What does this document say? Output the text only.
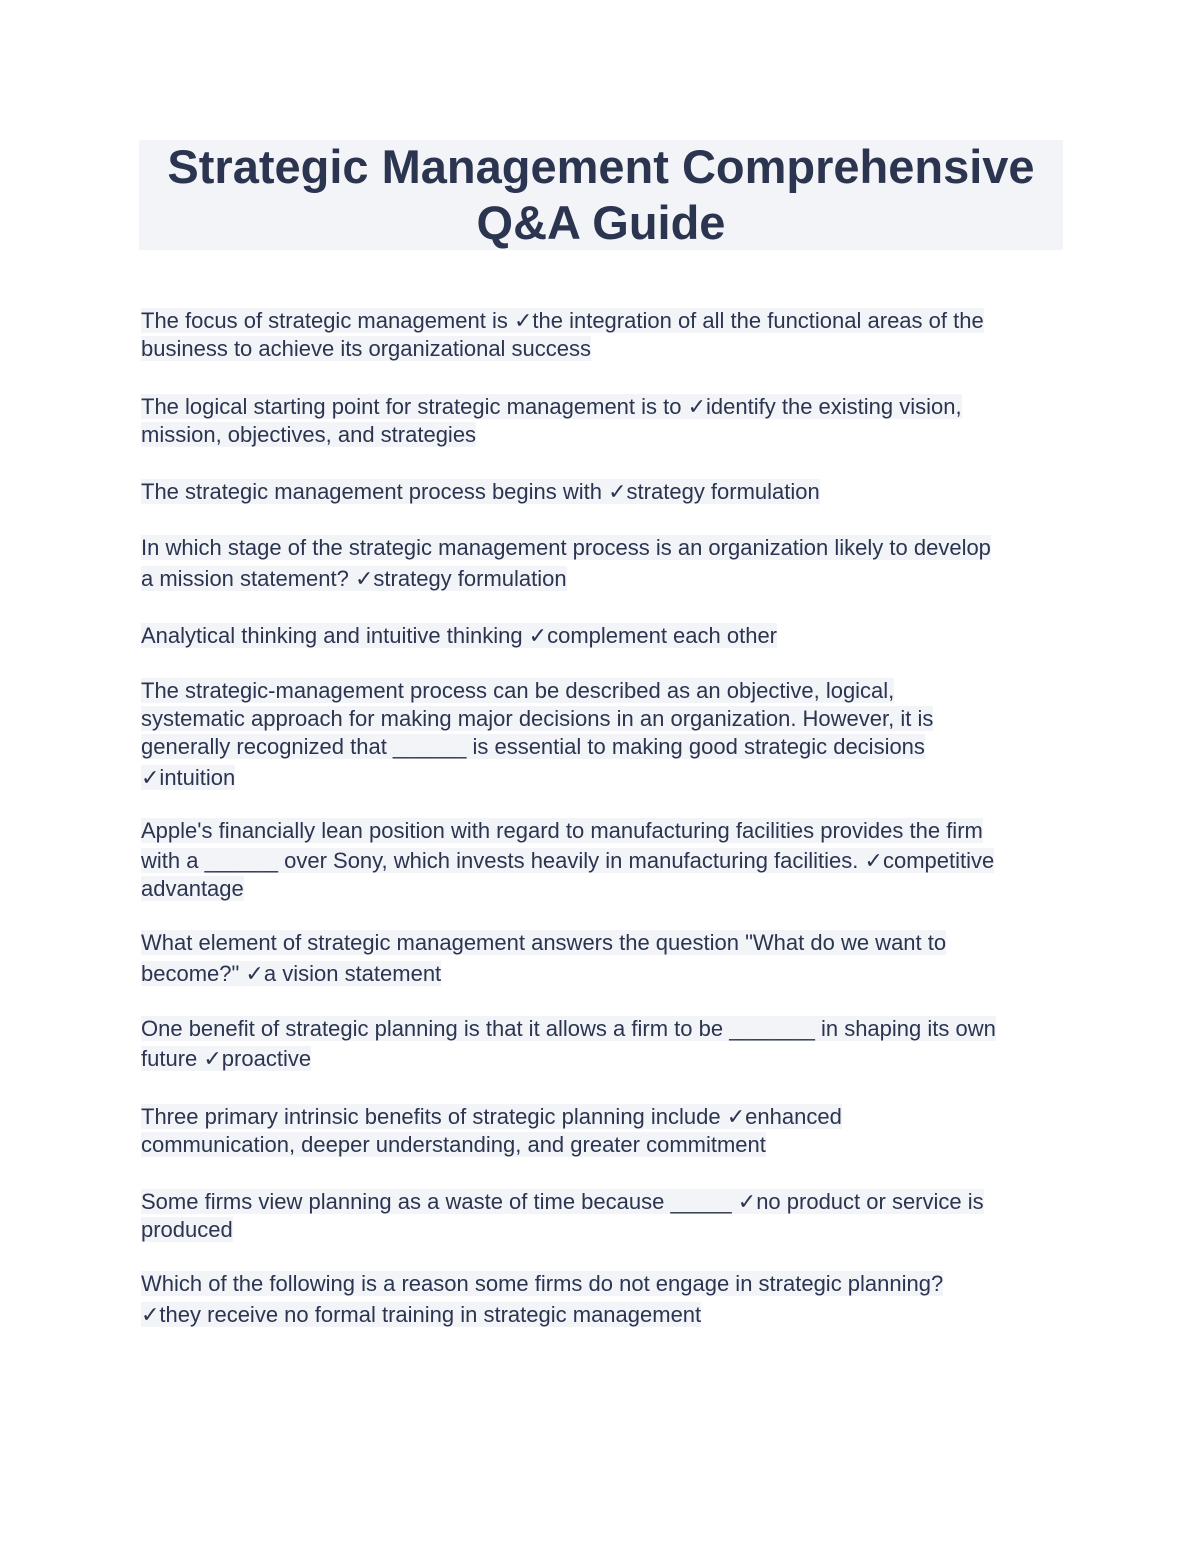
Strategic Management Comprehensive
Q&A Guide

The focus of strategic management is ✓the integration of all the functional areas of the
business to achieve its organizational success

The logical starting point for strategic management is to ✓identify the existing vision,
mission, objectives, and strategies

The strategic management process begins with ✓strategy formulation

In which stage of the strategic management process is an organization likely to develop
a mission statement? ✓strategy formulation

Analytical thinking and intuitive thinking ✓complement each other

The strategic-management process can be described as an objective, logical,
systematic approach for making major decisions in an organization. However, it is
generally recognized that ______ is essential to making good strategic decisions
✓intuition

Apple's financially lean position with regard to manufacturing facilities provides the firm
with a ______ over Sony, which invests heavily in manufacturing facilities. ✓competitive
advantage

What element of strategic management answers the question "What do we want to
become?" ✓a vision statement

One benefit of strategic planning is that it allows a firm to be _______ in shaping its own
future ✓proactive

Three primary intrinsic benefits of strategic planning include ✓enhanced
communication, deeper understanding, and greater commitment

Some firms view planning as a waste of time because _____ ✓no product or service is
produced

Which of the following is a reason some firms do not engage in strategic planning?
✓they receive no formal training in strategic management
